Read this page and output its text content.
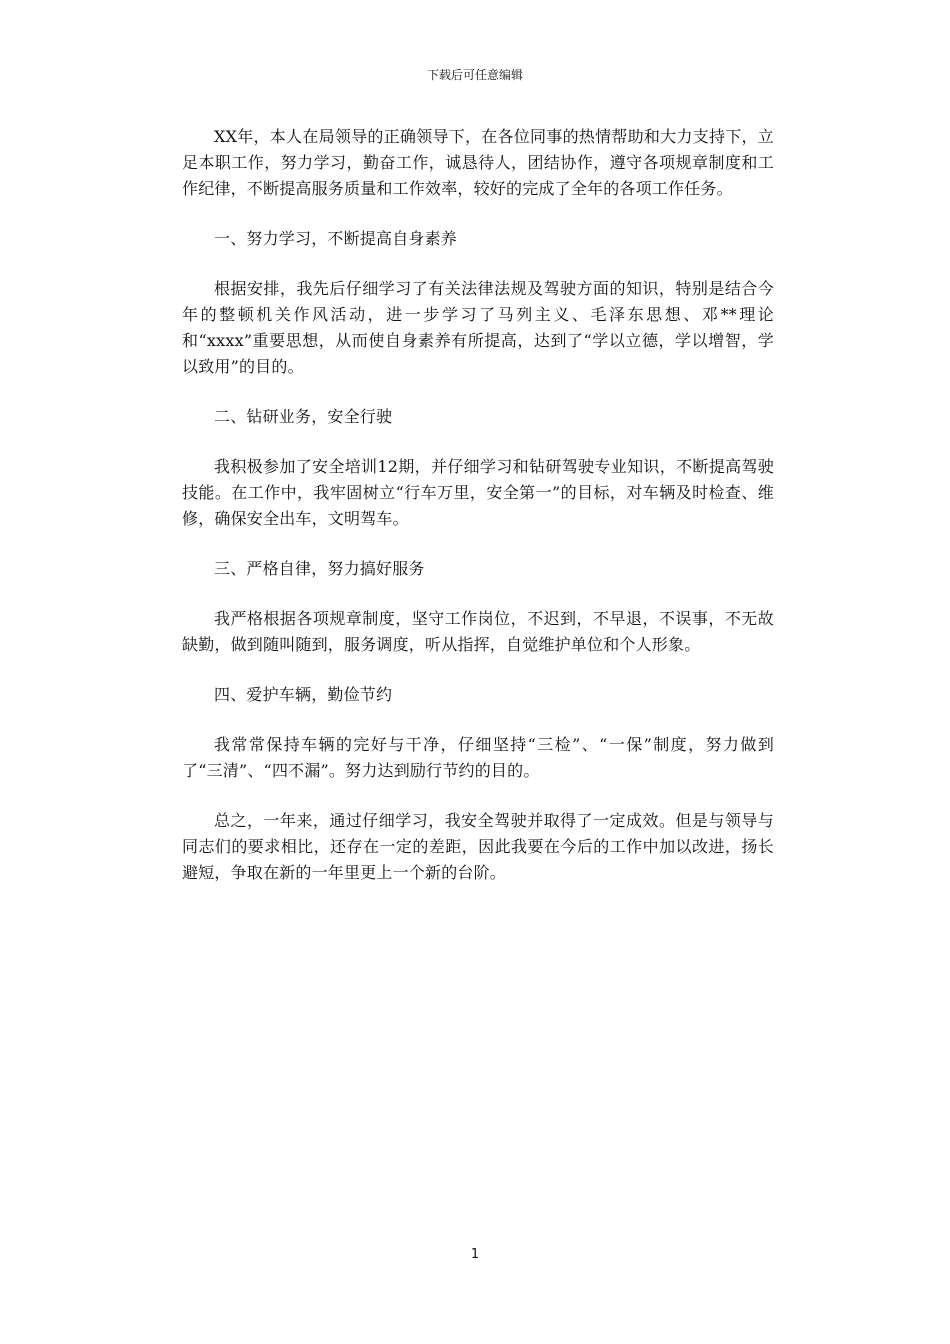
下载后可任意编辑

XX年，本人在局领导的正确领导下，在各位同事的热情帮助和大力支持下，立足本职工作，努力学习，勤奋工作，诚恳待人，团结协作，遵守各项规章制度和工作纪律，不断提高服务质量和工作效率，较好的完成了全年的各项工作任务。

一、努力学习，不断提高自身素养

根据安排，我先后仔细学习了有关法律法规及驾驶方面的知识，特别是结合今年的整顿机关作风活动，进一步学习了马列主义、毛泽东思想、邓**理论和“xxxx”重要思想，从而使自身素养有所提高，达到了“学以立德，学以增智，学以致用”的目的。

二、钻研业务，安全行驶

我积极参加了安全培训12期，并仔细学习和钻研驾驶专业知识，不断提高驾驶技能。在工作中，我牢固树立“行车万里，安全第一”的目标，对车辆及时检查、维修，确保安全出车，文明驾车。

三、严格自律，努力搞好服务

我严格根据各项规章制度，坚守工作岗位，不迟到，不早退，不误事，不无故缺勤，做到随叫随到，服务调度，听从指挥，自觉维护单位和个人形象。

四、爱护车辆，勤俭节约

我常常保持车辆的完好与干净，仔细坚持“三检”、“一保”制度，努力做到了“三清”、“四不漏”。努力达到励行节约的目的。

总之，一年来，通过仔细学习，我安全驾驶并取得了一定成效。但是与领导与同志们的要求相比，还存在一定的差距，因此我要在今后的工作中加以改进，扬长避短，争取在新的一年里更上一个新的台阶。

1
